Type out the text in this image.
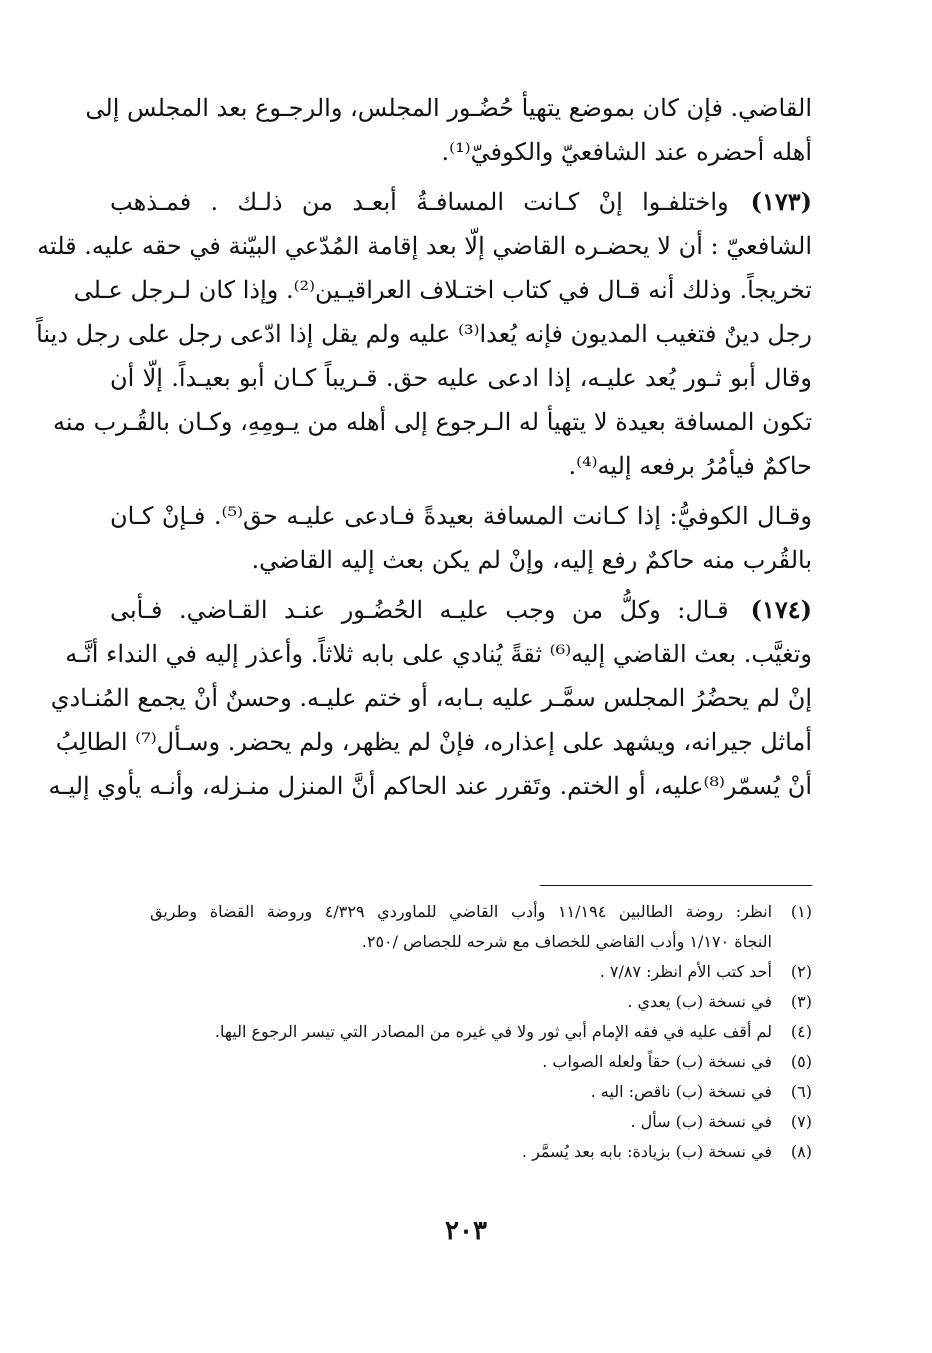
القاضي. فإن كان بموضع يتهيأ حُضُـور المجلس، والرجـوع بعد المجلس إلى
أهله أحضره عند الشافعيّ والكوفيّ⁽¹⁾.
(١٧٣)واختلفـوا إنْ كـانت المسافـةُ أبعـد من ذلـك . فمـذهب
الشافعيّ : أن لا يحضـره القاضي إلّا بعد إقامة المُدّعي البيّنة في حقه عليه. قلته
تخريجاً. وذلك أنه قـال في كتاب اختـلاف العراقيـين⁽²⁾. وإذا كان لـرجل عـلى
رجل دينٌ فتغيب المديون فإنه يُعدا⁽³⁾ عليه ولم يقل إذا ادّعى رجل على رجل ديناً
وقال أبو ثـور يُعد عليـه، إذا ادعى عليه حق. قـريباً كـان أبو بعيـداً. إلّا أن
تكون المسافة بعيدة لا يتهيأ له الـرجوع إلى أهله من يـومِهِ، وكـان بالقُـرب منه
حاكمٌ فيأمُرُ برفعه إليه⁽⁴⁾.
وقـال الكوفيُّ: إذا كـانت المسافة بعيدةً فـادعى عليـه حق⁽⁵⁾. فـإنْ كـان
بالقُرب منه حاكمٌ رفع إليه، وإنْ لم يكن بعث إليه القاضي.
(١٧٤)قـال: وكلُّ من وجب عليـه الحُضُـور عنـد القـاضي. فـأبى
وتغيَّب. بعث القاضي إليه⁽⁶⁾ ثقةً يُنادي على بابه ثلاثاً. وأعذر إليه في النداء أنَّـه
إنْ لم يحضُرُ المجلس سمَّـر عليه بـابه، أو ختم عليـه. وحسنٌ أنْ يجمع المُنـادي
أماثل جيرانه، ويشهد على إعذاره، فإنْ لم يظهر، ولم يحضر. وسـأل⁽⁷⁾ الطالِبُ
أنْ يُسمّر⁽⁸⁾عليه، أو الختم. وتَقرر عند الحاكم أنَّ المنزل منـزله، وأنـه يأوي إليـه
(١)
انظر: روضة الطالبين ١١/١٩٤ وأدب القاضي للماوردي ٤/٣٢٩ وروضة القضاة وطريق
النجاة ١/١٧٠ وأدب القاضي للخصاف مع شرحه للجصاص /٢٥٠.
(٢)
أحد كتب الأم انظر: ٧/٨٧ .
(٣)
في نسخة (ب) يعدي .
(٤)
لم أقف عليه في فقه الإمام أبي ثور ولا في غيره من المصادر التي تيسر الرجوع اليها.
(٥)
في نسخة (ب) حقاً ولعله الصواب .
(٦)
في نسخة (ب) ناقص: اليه .
(٧)
في نسخة (ب) سأل .
(٨)
في نسخة (ب) بزيادة: بابه بعد يُسمَّر .
٢٠٣
